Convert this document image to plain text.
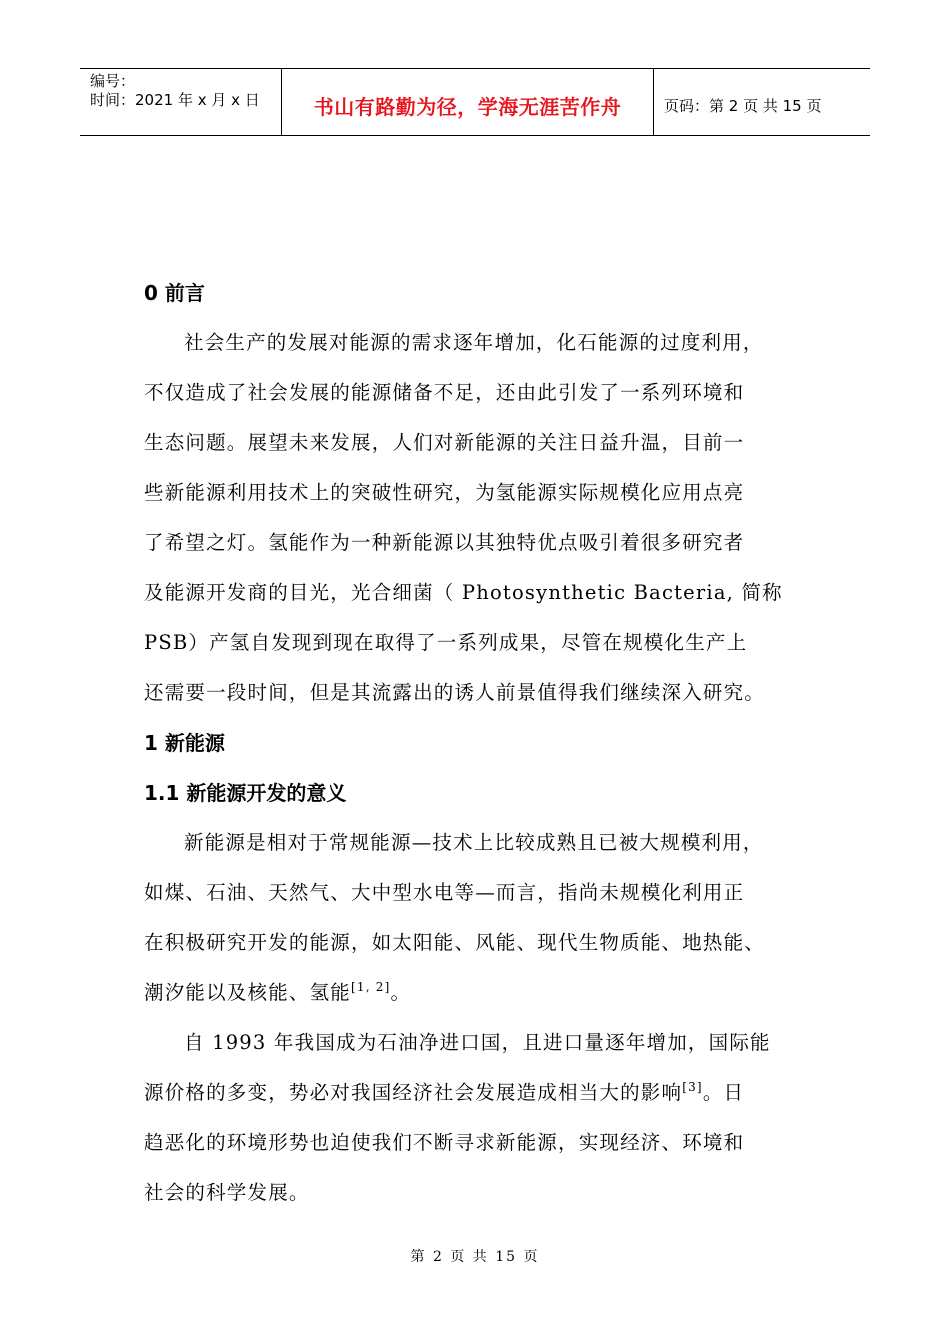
编号：
时间：2021 年 x 月 x 日	书山有路勤为径，学海无涯苦作舟	页码：第 2 页 共 15 页
0 前言
社会生产的发展对能源的需求逐年增加，化石能源的过度利用，
不仅造成了社会发展的能源储备不足，还由此引发了一系列环境和
生态问题。展望未来发展，人们对新能源的关注日益升温，目前一
些新能源利用技术上的突破性研究，为氢能源实际规模化应用点亮
了希望之灯。氢能作为一种新能源以其独特优点吸引着很多研究者
及能源开发商的目光，光合细菌（ Photosynthetic Bacteria, 简称
PSB）产氢自发现到现在取得了一系列成果，尽管在规模化生产上
还需要一段时间，但是其流露出的诱人前景值得我们继续深入研究。
1 新能源
1.1 新能源开发的意义
新能源是相对于常规能源—技术上比较成熟且已被大规模利用，
如煤、石油、天然气、大中型水电等—而言，指尚未规模化利用正
在积极研究开发的能源，如太阳能、风能、现代生物质能、地热能、
潮汐能以及核能、氢能[1, 2]。
自 1993 年我国成为石油净进口国，且进口量逐年增加，国际能
源价格的多变，势必对我国经济社会发展造成相当大的影响[3]。日
趋恶化的环境形势也迫使我们不断寻求新能源，实现经济、环境和
社会的科学发展。
第 2 页 共 15 页
